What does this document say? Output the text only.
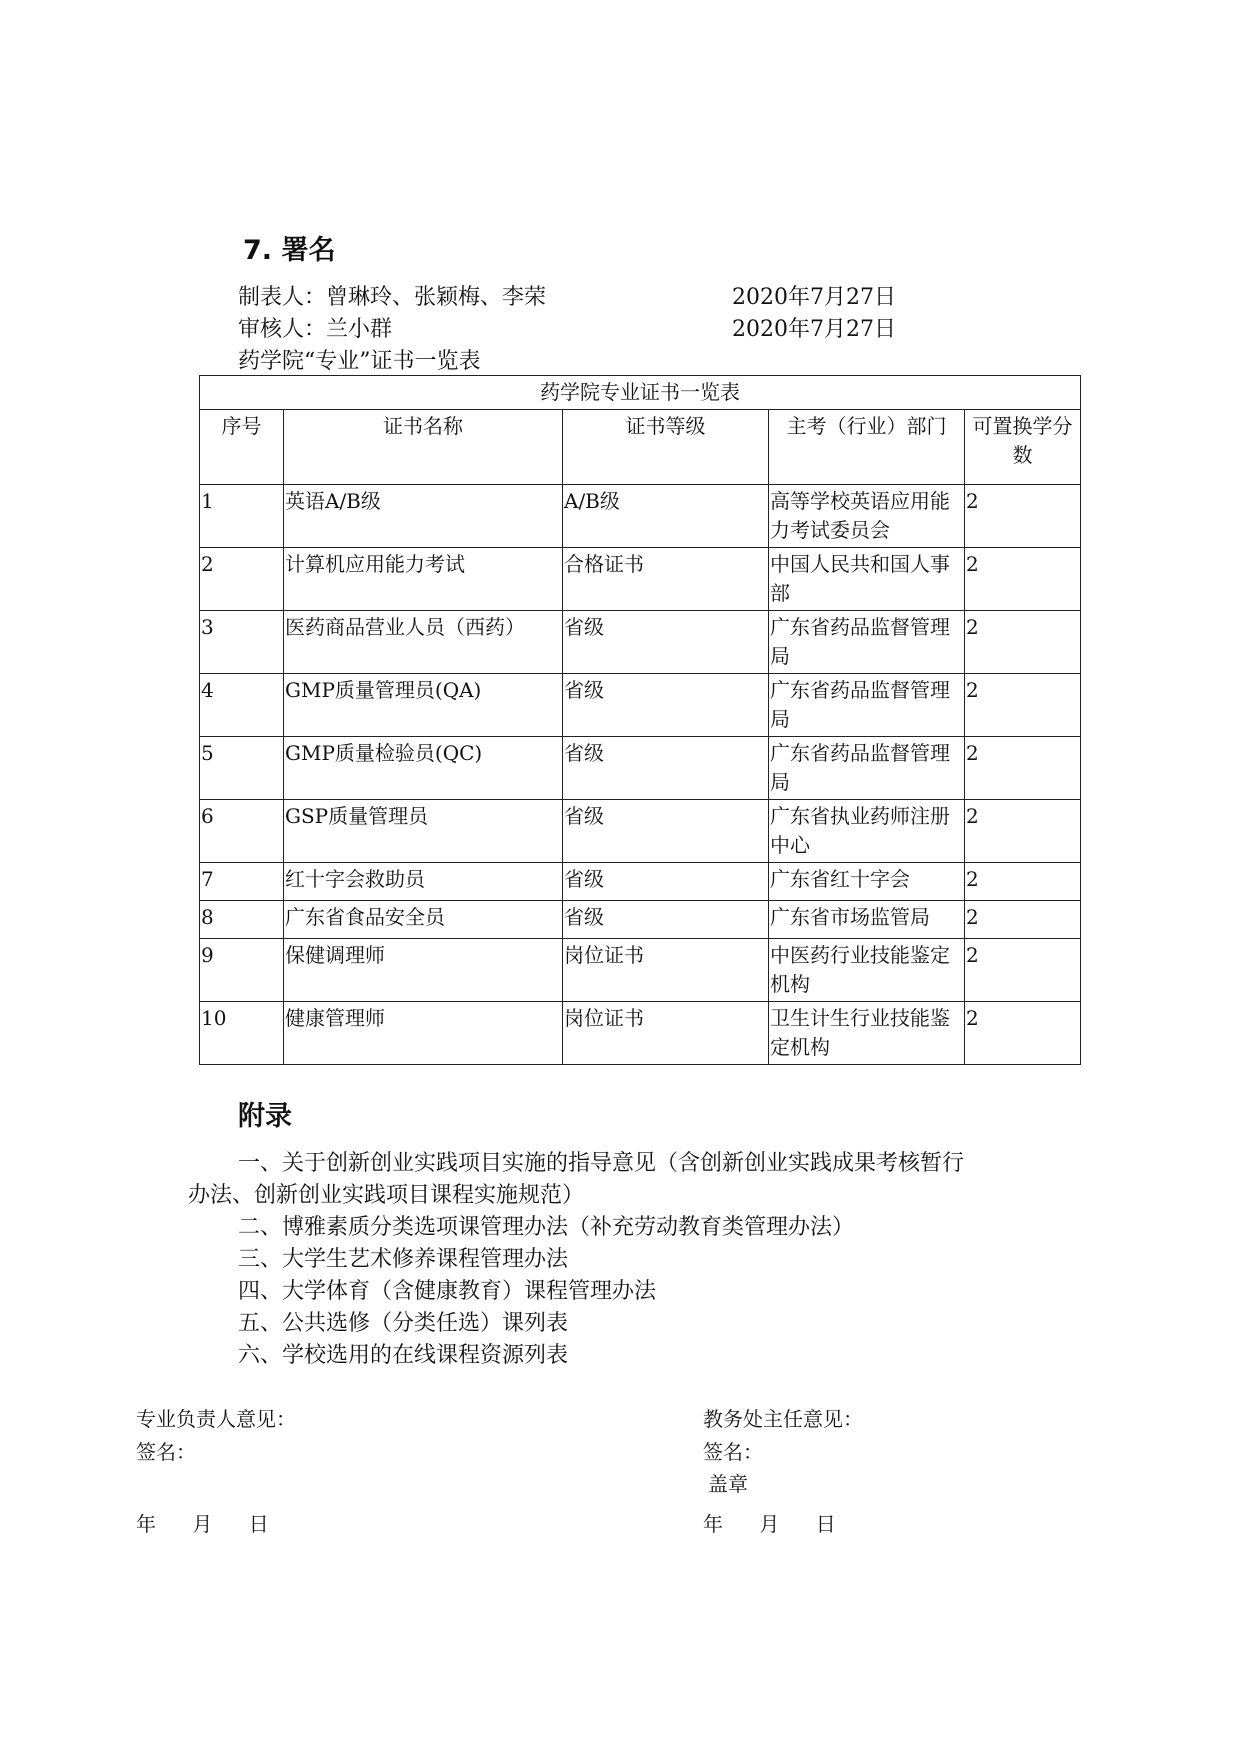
7. 署名
制表人：曾琳玲、张颖梅、李荣	2020年7月27日
审核人：兰小群	2020年7月27日
药学院“专业”证书一览表
药学院专业证书一览表				
序号	证书名称	证书等级	主考（行业）部门	可置换学分数
1	英语A/B级	A/B级	高等学校英语应用能力考试委员会	2
2	计算机应用能力考试	合格证书	中国人民共和国人事部	2
3	医药商品营业人员（西药）	省级	广东省药品监督管理局	2
4	GMP质量管理员(QA)	省级	广东省药品监督管理局	2
5	GMP质量检验员(QC)	省级	广东省药品监督管理局	2
6	GSP质量管理员	省级	广东省执业药师注册中心	2
7	红十字会救助员	省级	广东省红十字会	2
8	广东省食品安全员	省级	广东省市场监管局	2
9	保健调理师	岗位证书	中医药行业技能鉴定机构	2
10	健康管理师	岗位证书	卫生计生行业技能鉴定机构	2
附录
一、关于创新创业实践项目实施的指导意见（含创新创业实践成果考核暂行
办法、创新创业实践项目课程实施规范）
二、博雅素质分类选项课管理办法（补充劳动教育类管理办法）
三、大学生艺术修养课程管理办法
四、大学体育（含健康教育）课程管理办法
五、公共选修（分类任选）课列表
六、学校选用的在线课程资源列表
专业负责人意见：
签名：
年 月 日
教务处主任意见：
签名：
盖章
年 月 日
